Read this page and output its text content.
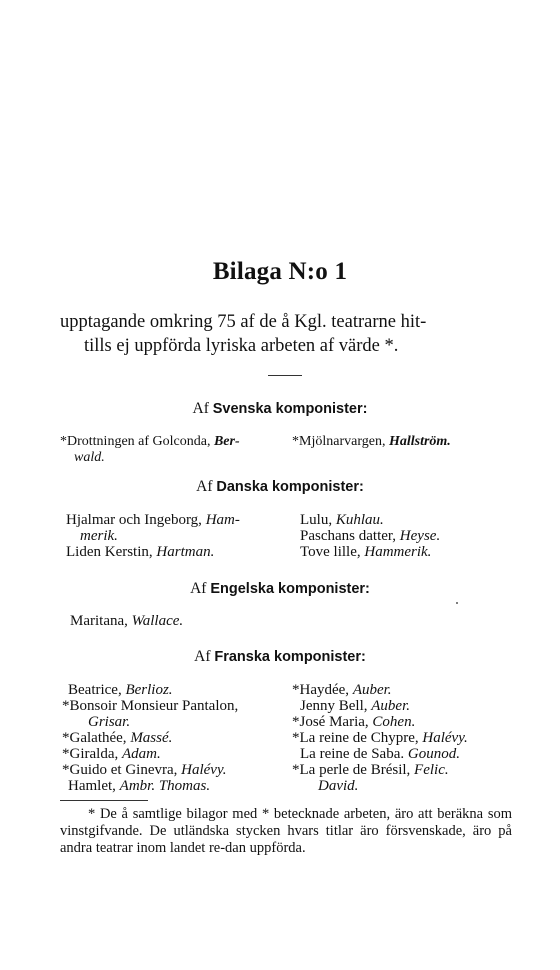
Bilaga N:o 1
upptagande omkring 75 af de å Kgl. teatrarne hit-
tills ej uppförda lyriska arbeten af värde *.
Af Svenska komponister:
*Drottningen af Golconda, Ber-
wald.
*Mjölnarvargen, Hallström.
Af Danska komponister:
Hjalmar och Ingeborg, Ham-
merik.
Liden Kerstin, Hartman.
Lulu, Kuhlau.
Paschans datter, Heyse.
Tove lille, Hammerik.
Af Engelska komponister:
Maritana, Wallace.
Af Franska komponister:
Beatrice, Berlioz.
*Bonsoir Monsieur Pantalon,
Grisar.
*Galathée, Massé.
*Giralda, Adam.
*Guido et Ginevra, Halévy.
Hamlet, Ambr. Thomas.
*Haydée, Auber.
Jenny Bell, Auber.
*José Maria, Cohen.
*La reine de Chypre, Halévy.
La reine de Saba. Gounod.
*La perle de Brésil, Felic.
David.
* De å samtlige bilagor med * betecknade arbeten, äro att beräkna som vinstgifvande. De utländska stycken hvars titlar äro försvenskade, äro på andra teatrar inom landet re-dan uppförda.
